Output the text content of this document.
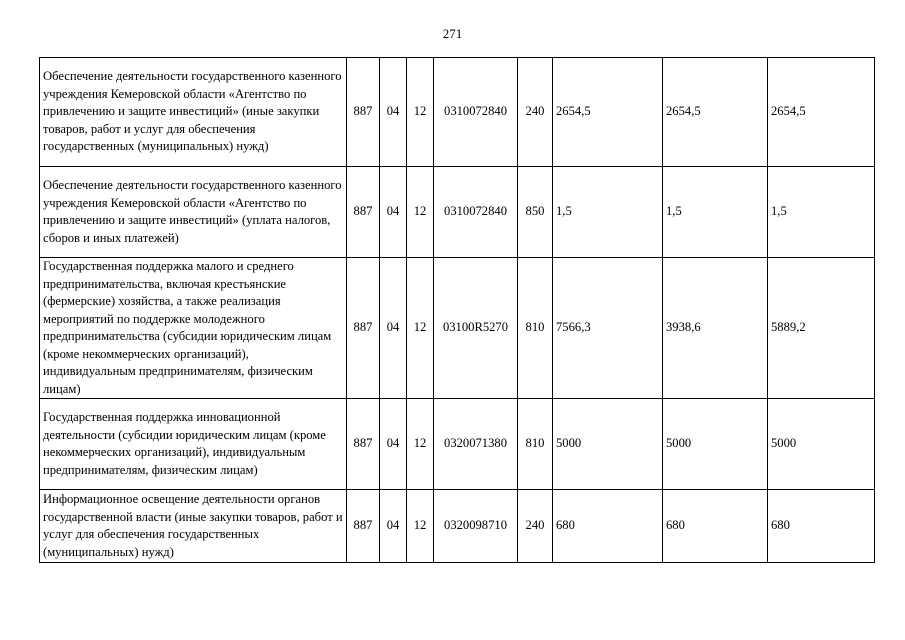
271
Обеспечение деятельности государственного казенного учреждения Кемеровской области «Агентство по привлечению и защите инвестиций» (иные закупки товаров, работ и услуг для обеспечения государственных (муниципальных) нужд)	887	04	12	0310072840	240	2654,5	2654,5	2654,5
Обеспечение деятельности государственного казенного учреждения Кемеровской области «Агентство по привлечению и защите инвестиций» (уплата налогов, сборов и иных платежей)	887	04	12	0310072840	850	1,5	1,5	1,5
Государственная поддержка малого и среднего предпринимательства, включая крестьянские (фермерские) хозяйства, а также реализация мероприятий по поддержке молодежного предпринимательства (субсидии юридическим лицам (кроме некоммерческих организаций), индивидуальным предпринимателям, физическим лицам)	887	04	12	03100R5270	810	7566,3	3938,6	5889,2
Государственная поддержка инновационной деятельности (субсидии юридическим лицам (кроме некоммерческих организаций), индивидуальным предпринимателям, физическим лицам)	887	04	12	0320071380	810	5000	5000	5000
Информационное освещение деятельности органов государственной власти (иные закупки товаров, работ и услуг для обеспечения государственных (муниципальных) нужд)	887	04	12	0320098710	240	680	680	680
